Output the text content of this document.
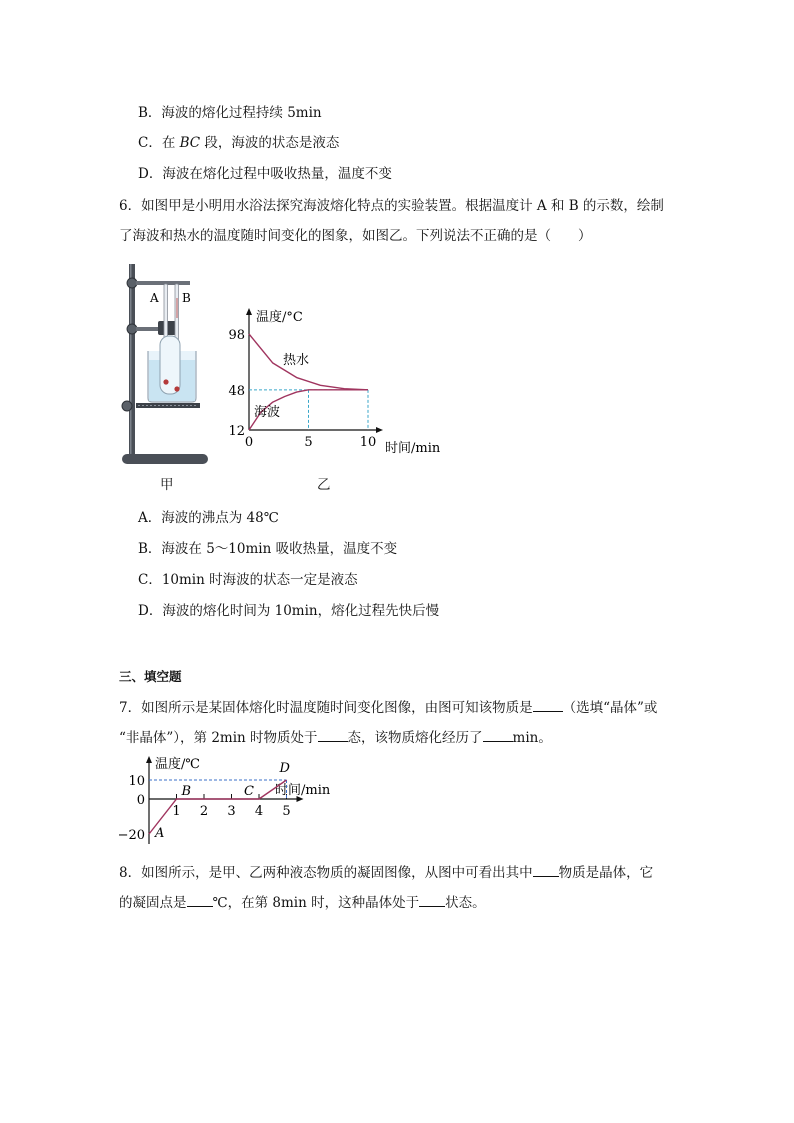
B．海波的熔化过程持续 5min
C．在 BC 段，海波的状态是液态
D．海波在熔化过程中吸收热量，温度不变
6．如图甲是小明用水浴法探究海波熔化特点的实验装置。根据温度计 A 和 B 的示数，绘制
了海波和热水的温度随时间变化的图象，如图乙。下列说法不正确的是（　　）
A B
甲
温度/°C
时间/min
12
48
98
0	5	10
热水
海波
乙
A．海波的沸点为 48℃
B．海波在 5～10min 吸收热量，温度不变
C．10min 时海波的状态一定是液态
D．海波的熔化时间为 10min，熔化过程先快后慢
三、填空题
7．如图所示是某固体熔化时温度随时间变化图像，由图可知该物质是 （选填“晶体”或
“非晶体”），第 2min 时物质处于 态，该物质熔化经历了 min。
温度/℃
时间/min
10
0
−20
1 2 3 4 5
A
B	C
D
8．如图所示，是甲、乙两种液态物质的凝固图像，从图中可看出其中 物质是晶体，它
的凝固点是 ℃，在第 8min 时，这种晶体处于 状态。
